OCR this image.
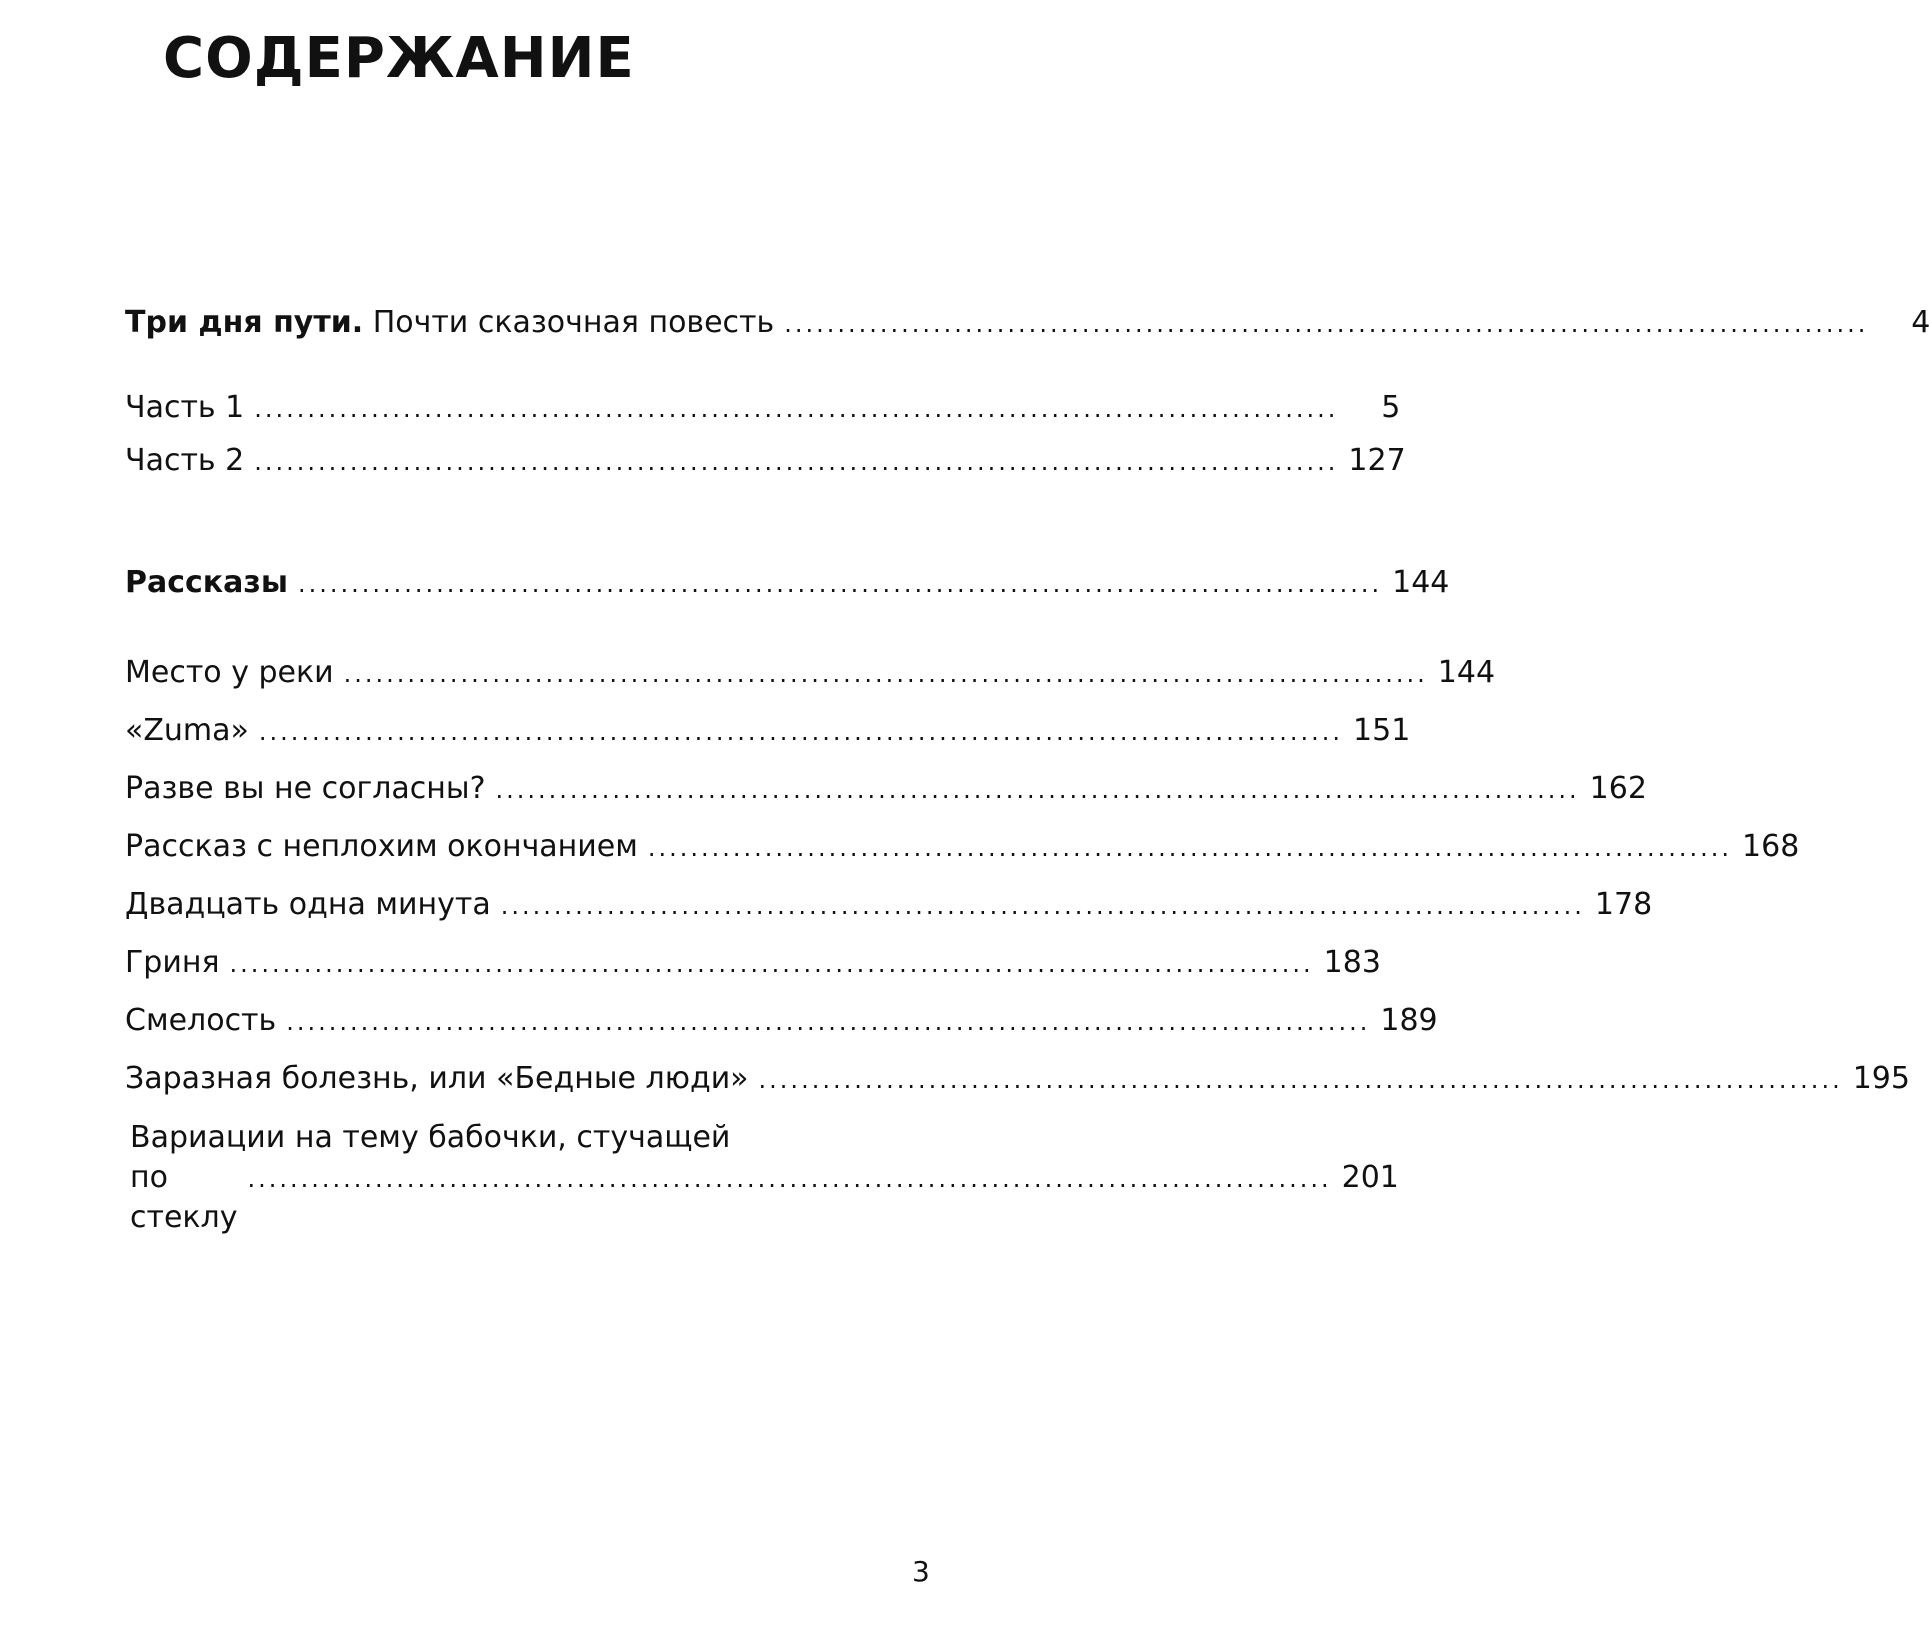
СОДЕРЖАНИЕ
Три дня пути. Почти сказочная повесть ......................................................................................................	4
Часть 1 ......................................................................................................	5
Часть 2 ...................................................................................................... 127
Рассказы ...................................................................................................... 144
Место у реки ...................................................................................................... 144
«Zuma» ...................................................................................................... 151
Разве вы не согласны? ...................................................................................................... 162
Рассказ с неплохим окончанием ...................................................................................................... 168
Двадцать одна минута ...................................................................................................... 178
Гриня ...................................................................................................... 183
Смелость ...................................................................................................... 189
Заразная болезнь, или «Бедные люди» ...................................................................................................... 195
Вариации на тему бабочки, стучащей
по стеклу
...................................................................................................... 201
3
